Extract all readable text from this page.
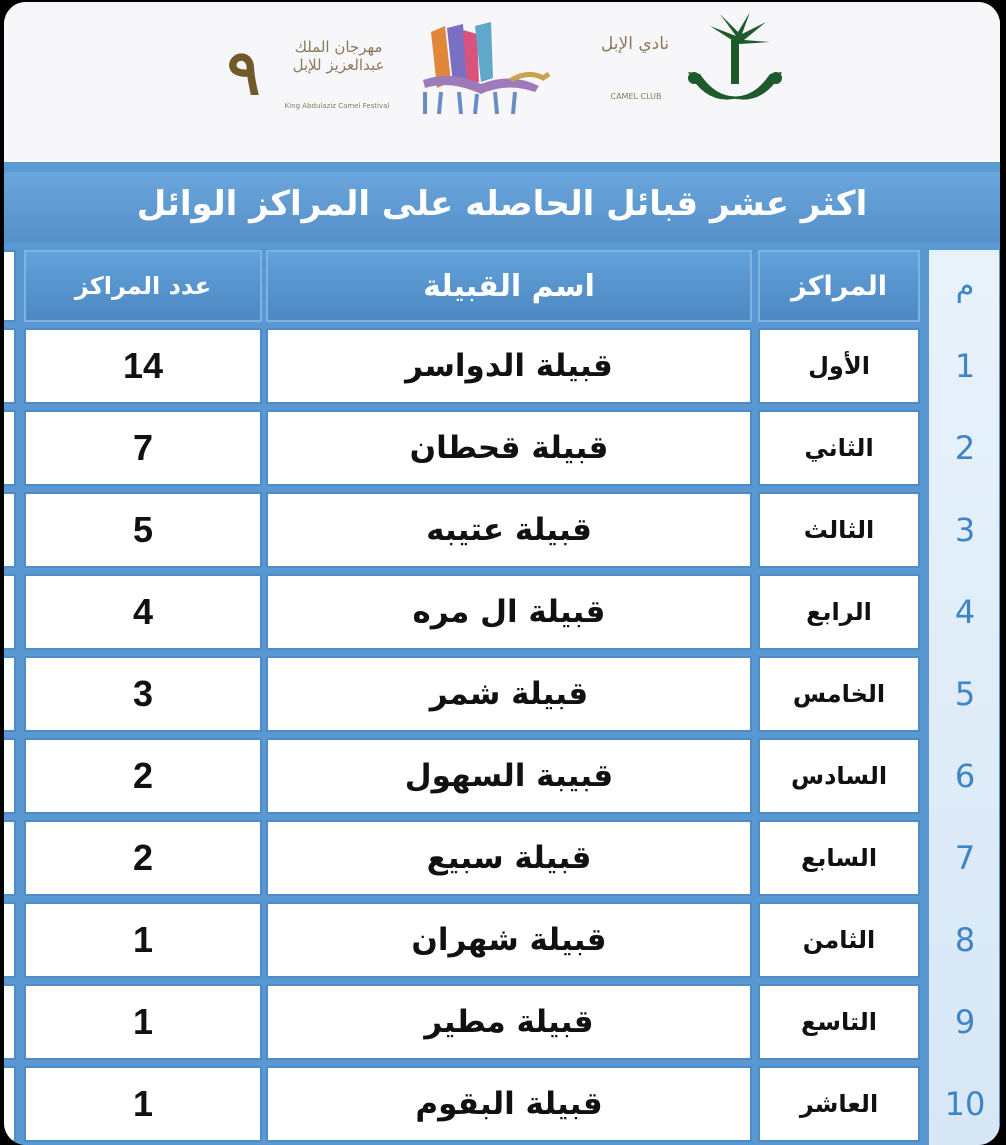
٩	مهرجان الملك عبدالعزيز للإبل
King Abdulaziz Camel Festival
نادي الإبل
CAMEL CLUB
اكثر عشر قبائل الحاصله على المراكز الوائل
عدد المراكز	اسم القبيلة	المراكز	م
14	قبيلة الدواسر	الأول	1
7	قبيلة قحطان	الثاني	2
5	قبيلة عتيبه	الثالث	3
4	قبيلة ال مره	الرابع	4
3	قبيلة شمر	الخامس	5
2	قبيبة السهول	السادس	6
2	قبيلة سبيع	السابع	7
1	قبيلة شهران	الثامن	8
1	قبيلة مطير	التاسع	9
1	قبيلة البقوم	العاشر	10
